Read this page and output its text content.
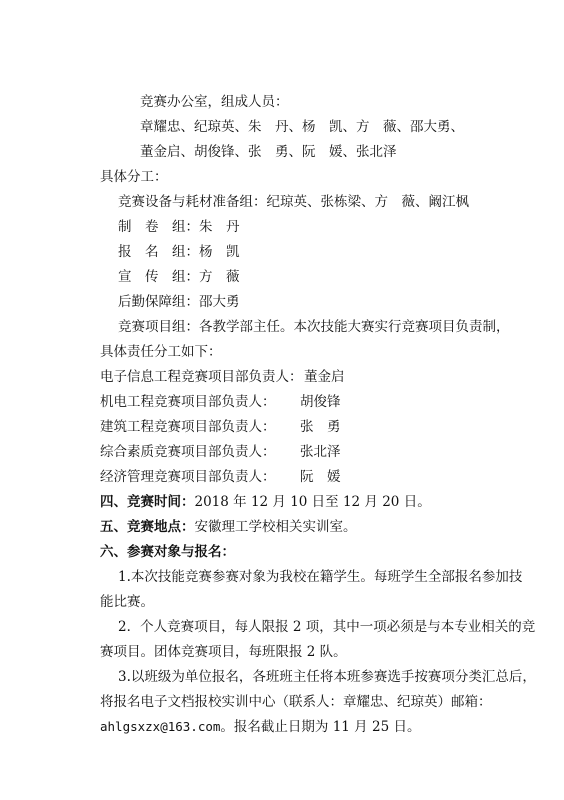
竞赛办公室，组成人员：
章耀忠、纪琼英、朱　丹、杨　凯、方　薇、邵大勇、
董金启、胡俊锋、张　勇、阮　媛、张北泽
具体分工：
竞赛设备与耗材准备组：纪琼英、张栋梁、方　薇、阚江枫
制　卷　组：朱　丹
报　名　组：杨　凯
宣　传　组：方　薇
后勤保障组：邵大勇
竞赛项目组：各教学部主任。本次技能大赛实行竞赛项目负责制，
具体责任分工如下：
电子信息工程竞赛项目部负责人： 董金启
机电工程竞赛项目部负责人： 胡俊锋
建筑工程竞赛项目部负责人： 张　勇
综合素质竞赛项目部负责人： 张北泽
经济管理竞赛项目部负责人： 阮　媛
四、竞赛时间：2018 年 12 月 10 日至 12 月 20 日。
五、竞赛地点：安徽理工学校相关实训室。
六、参赛对象与报名：
1.本次技能竞赛参赛对象为我校在籍学生。每班学生全部报名参加技
能比赛。
2．个人竞赛项目，每人限报 2 项，其中一项必须是与本专业相关的竞
赛项目。团体竞赛项目，每班限报 2 队。
3.以班级为单位报名，各班班主任将本班参赛选手按赛项分类汇总后，
将报名电子文档报校实训中心（联系人：章耀忠、纪琼英）邮箱：
ahlgsxzx@163.com。报名截止日期为 11 月 25 日。
